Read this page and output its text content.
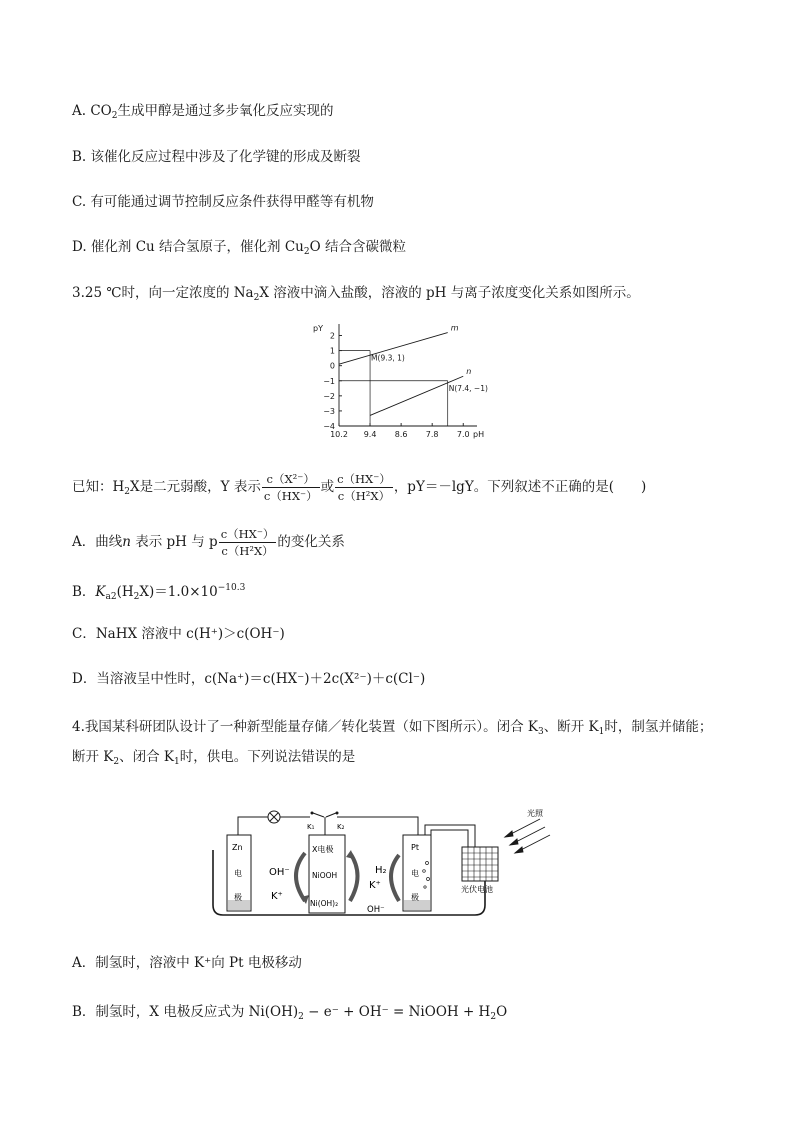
A. $CO_2$生成甲醇是通过多步氧化反应实现的
B. 该催化反应过程中涉及了化学键的形成及断裂
C. 有可能通过调节控制反应条件获得甲醛等有机物
D. 催化剂 Cu 结合氢原子，催化剂 $Cu_2O$ 结合含碳微粒
3.25 ℃时，向一定浓度的 $Na_2X$ 溶液中滴入盐酸，溶液的 pH 与离子浓度变化关系如图所示。
10.2 9.4 8.6 7.8 7.0
2
1
0
−1
−2
−3
−4
pH
pY	m
n
M(9.3, 1)
N(7.4, −1)
已知：$H_2X$是二元弱酸，Y 表示 $\frac{\text{c（X²⁻）}}{c(HX^-)}$ 或 $\frac{c(HX^-)}{\text{c（H²X）}}$ ，pY＝－lgY。下列叙述不正确的是(　　)
A．曲线n 表示 pH 与 p $\frac{c(HX^-)}{\text{c（H²X）}}$ 的变化关系
B．$K_{a2}(H_2X)=1.0\times 10^{-10.3}$
C．NaHX 溶液中 c(H⁺)＞c(OH⁻)
D．当溶液呈中性时，c(Na⁺)＝c(HX⁻)＋2c(X²⁻)＋c(Cl⁻)
4.我国某科研团队设计了一种新型能量存储／转化装置（如下图所示）。闭合 $K_3$、断开 $K_1$时，制氢并储能；
断开 $K_2$、闭合 $K_1$时，供电。下列说法错误的是
K₁	K₂
Zn
电
极
X电极
NiOOH
Ni(OH)₂
Pt
电
极
OH⁻
K⁺
H₂
K⁺
OH⁻
光伏电池
光照
A．制氢时，溶液中 K⁺向 Pt 电极移动
B．制氢时，X 电极反应式为 $Ni(OH)_2 - e^- + OH^-$ = NiOOH + $H_2O$
